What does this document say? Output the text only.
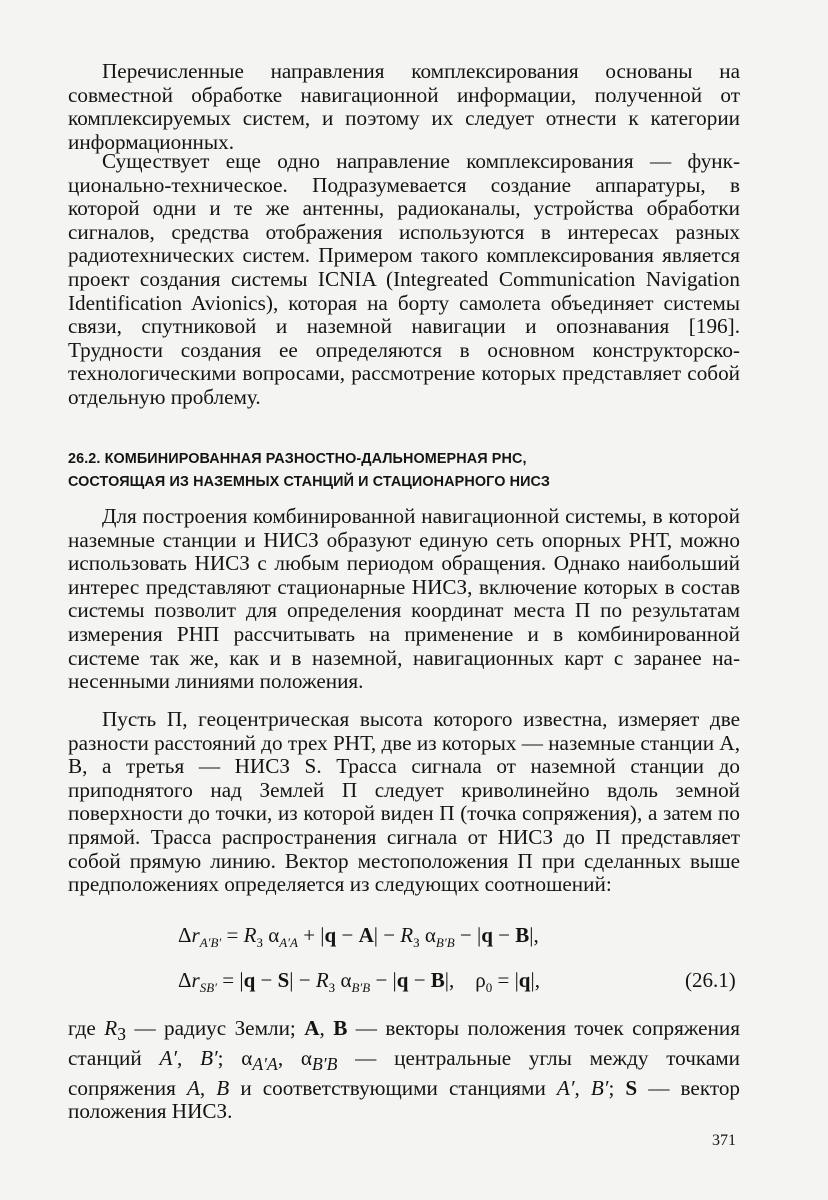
Перечисленные направления комплексирования основаны на совместной обработке навигационной информации, полученной от комплексируемых систем, и поэтому их следует отнести к категории информационных.

Существует еще одно направление комплексирования — функционально-техническое. Подразумевается создание аппаратуры, в которой одни и те же антенны, радиоканалы, устройства обработки сигналов, средства отображения используются в интересах разных радиотехнических систем. Примером такого комплексирования является проект создания системы ICNIA (Integreated Communication Navigation Identification Avionics), которая на борту самолета объединяет системы связи, спутниковой и наземной навигации и опознавания [196]. Трудности создания ее определяются в основном конструкторско-технологическими вопросами, рассмотрение которых представляет собой отдельную проблему.

26.2. КОМБИНИРОВАННАЯ РАЗНОСТНО-ДАЛЬНОМЕРНАЯ РНС,
СОСТОЯЩАЯ ИЗ НАЗЕМНЫХ СТАНЦИЙ И СТАЦИОНАРНОГО НИСЗ

Для построения комбинированной навигационной системы, в которой наземные станции и НИСЗ образуют единую сеть опорных РНТ, можно использовать НИСЗ с любым периодом обращения. Однако наибольший интерес представляют стационарные НИСЗ, включение которых в состав системы позволит для определения координат места П по результатам измерения РНП рассчитывать на применение и в комбинированной системе так же, как и в наземной, навигационных карт с заранее нанесенными линиями положения.

Пусть П, геоцентрическая высота которого известна, измеряет две разности расстояний до трех РНТ, две из которых — наземные станции A, B, а третья — НИСЗ S. Трасса сигнала от наземной станции до приподнятого над Землей П следует криволинейно вдоль земной поверхности до точки, из которой виден П (точка сопряжения), а затем по прямой. Трасса распространения сигнала от НИСЗ до П представляет собой прямую линию. Вектор местоположения П при сделанных выше предположениях определяется из следующих соотношений:

$\Delta r_{A'B'} = R_З$ $\alpha_{A'A} + |q - A| - R_З$ $\alpha_{B'B} - |q - B|$,
$\Delta r_{SB'} = |q - S| - R_З$ $\alpha_{B'B} - |q - B|$,    $\rho_0 = |q|$,	(26.1)

где $R_З$ — радиус Земли; A, B — векторы положения точек сопряжения станций A′, B′; $\alpha_{A'A}$, $\alpha_{B'B}$ — центральные углы между точками сопряжения A, B и соответствующими станциями A′, B′; S — вектор положения НИСЗ.

371
